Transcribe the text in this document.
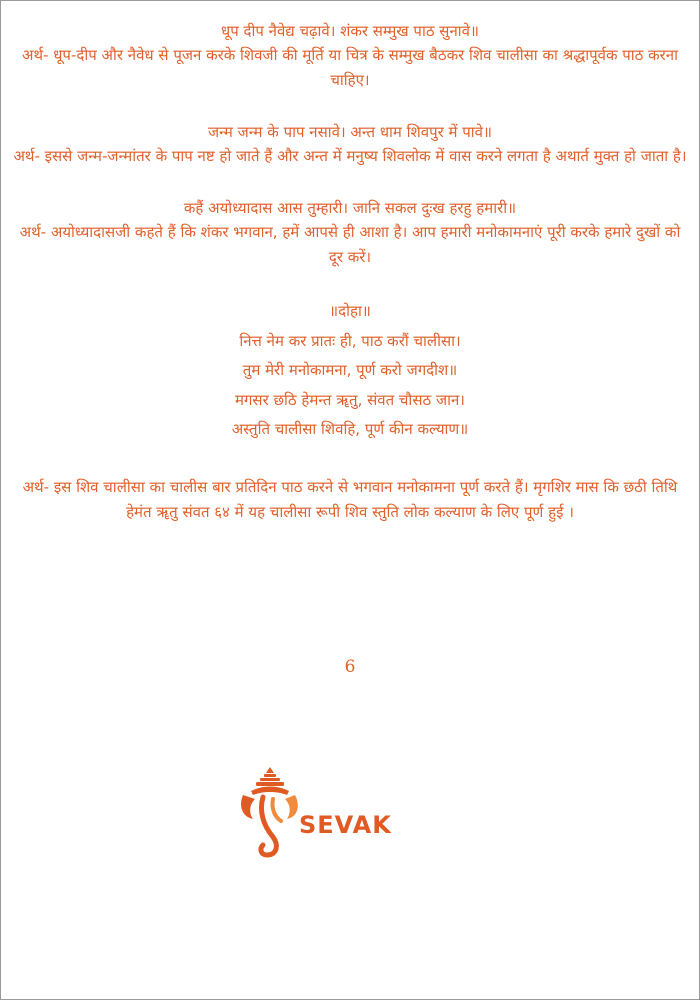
धूप दीप नैवेद्य चढ़ावे। शंकर सम्मुख पाठ सुनावे॥
अर्थ- धूप-दीप और नैवेध से पूजन करके शिवजी की मूर्ति या चित्र के सम्मुख बैठकर शिव चालीसा का श्रद्धापूर्वक पाठ करना चाहिए।
जन्म जन्म के पाप नसावे। अन्त धाम शिवपुर में पावे॥
अर्थ- इससे जन्म-जन्मांतर के पाप नष्ट हो जाते हैं और अन्त में मनुष्य शिवलोक में वास करने लगता है अथार्त मुक्त हो जाता है।
कहैं अयोध्यादास आस तुम्हारी। जानि सकल दुःख हरहु हमारी॥
अर्थ- अयोध्यादासजी कहते हैं कि शंकर भगवान, हमें आपसे ही आशा है। आप हमारी मनोकामनाएं पूरी करके हमारे दुखों को दूर करें।
॥दोहा॥
नित्त नेम कर प्रातः ही, पाठ करौं चालीसा।
तुम मेरी मनोकामना, पूर्ण करो जगदीश॥
मगसर छठि हेमन्त ॠतु, संवत चौसठ जान।
अस्तुति चालीसा शिवहि, पूर्ण कीन कल्याण॥
अर्थ- इस शिव चालीसा का चालीस बार प्रतिदिन पाठ करने से भगवान मनोकामना पूर्ण करते हैं। मृगशिर मास कि छठी तिथि हेमंत ॠतु संवत ६४ में यह चालीसा रूपी शिव स्तुति लोक कल्याण के लिए पूर्ण हुई ।
6
SEVAK
